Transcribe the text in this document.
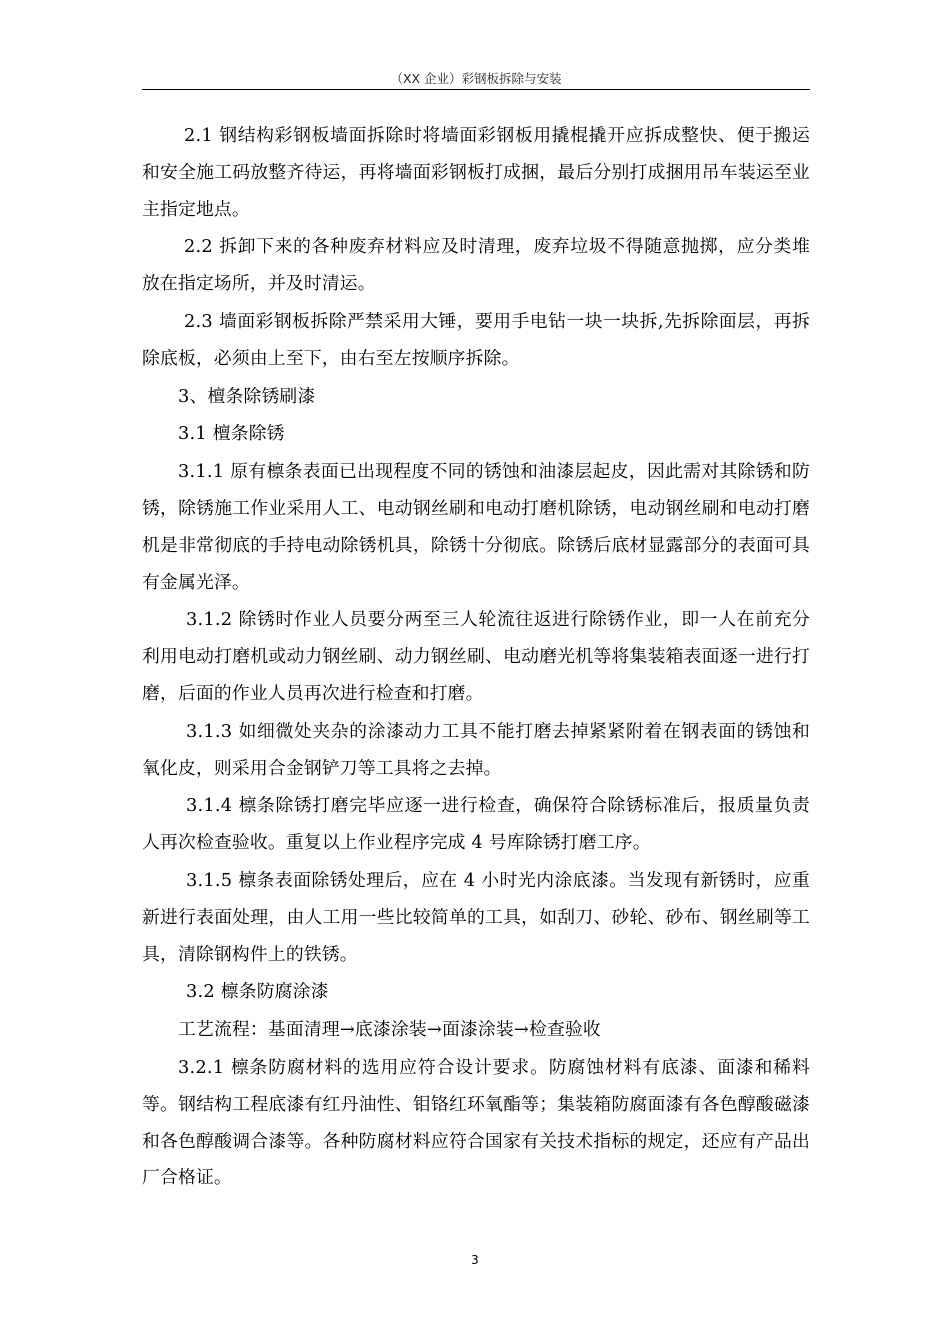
（XX 企业）彩钢板拆除与安装

2.1 钢结构彩钢板墙面拆除时将墙面彩钢板用撬棍撬开应拆成整快、便于搬运和安全施工码放整齐待运，再将墙面彩钢板打成捆，最后分别打成捆用吊车装运至业主指定地点。

2.2 拆卸下来的各种废弃材料应及时清理，废弃垃圾不得随意抛掷，应分类堆放在指定场所，并及时清运。

2.3 墙面彩钢板拆除严禁采用大锤，要用手电钻一块一块拆,先拆除面层，再拆除底板，必须由上至下，由右至左按顺序拆除。

3、檀条除锈刷漆

3.1 檀条除锈

3.1.1 原有檩条表面已出现程度不同的锈蚀和油漆层起皮，因此需对其除锈和防锈，除锈施工作业采用人工、电动钢丝刷和电动打磨机除锈，电动钢丝刷和电动打磨机是非常彻底的手持电动除锈机具，除锈十分彻底。除锈后底材显露部分的表面可具有金属光泽。

3.1.2 除锈时作业人员要分两至三人轮流往返进行除锈作业，即一人在前充分利用电动打磨机或动力钢丝刷、动力钢丝刷、电动磨光机等将集装箱表面逐一进行打磨，后面的作业人员再次进行检查和打磨。

3.1.3 如细微处夹杂的涂漆动力工具不能打磨去掉紧紧附着在钢表面的锈蚀和氧化皮，则采用合金钢铲刀等工具将之去掉。

3.1.4 檩条除锈打磨完毕应逐一进行检查，确保符合除锈标准后，报质量负责人再次检查验收。重复以上作业程序完成 4 号库除锈打磨工序。

3.1.5 檩条表面除锈处理后，应在 4 小时光内涂底漆。当发现有新锈时，应重新进行表面处理，由人工用一些比较简单的工具，如刮刀、砂轮、砂布、钢丝刷等工具，清除钢构件上的铁锈。

3.2 檩条防腐涂漆

工艺流程：基面清理→底漆涂装→面漆涂装→检查验收

3.2.1 檩条防腐材料的选用应符合设计要求。防腐蚀材料有底漆、面漆和稀料等。钢结构工程底漆有红丹油性、钼铬红环氧酯等；集装箱防腐面漆有各色醇酸磁漆和各色醇酸调合漆等。各种防腐材料应符合国家有关技术指标的规定，还应有产品出厂合格证。

3
